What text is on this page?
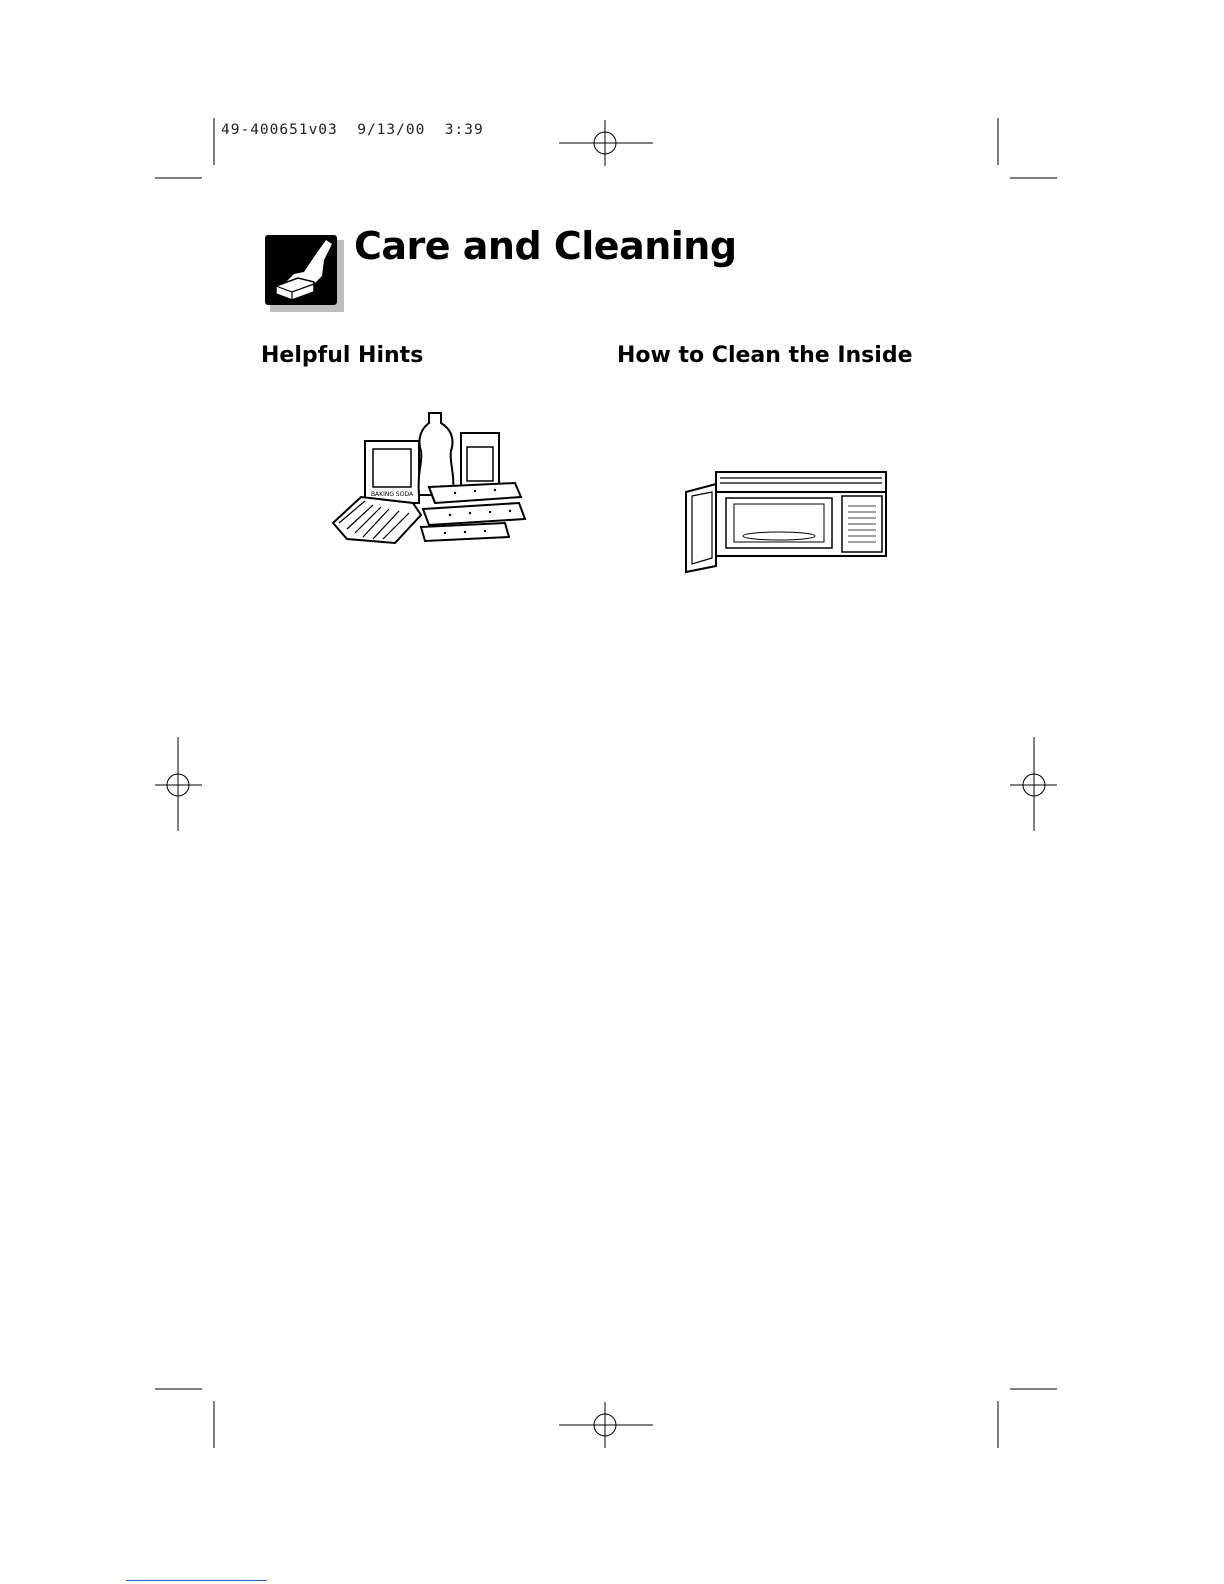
49-400651v03  9/13/00  3:39
Care and Cleaning
Helpful Hints	How to Clean the Inside
BAKING SODA
